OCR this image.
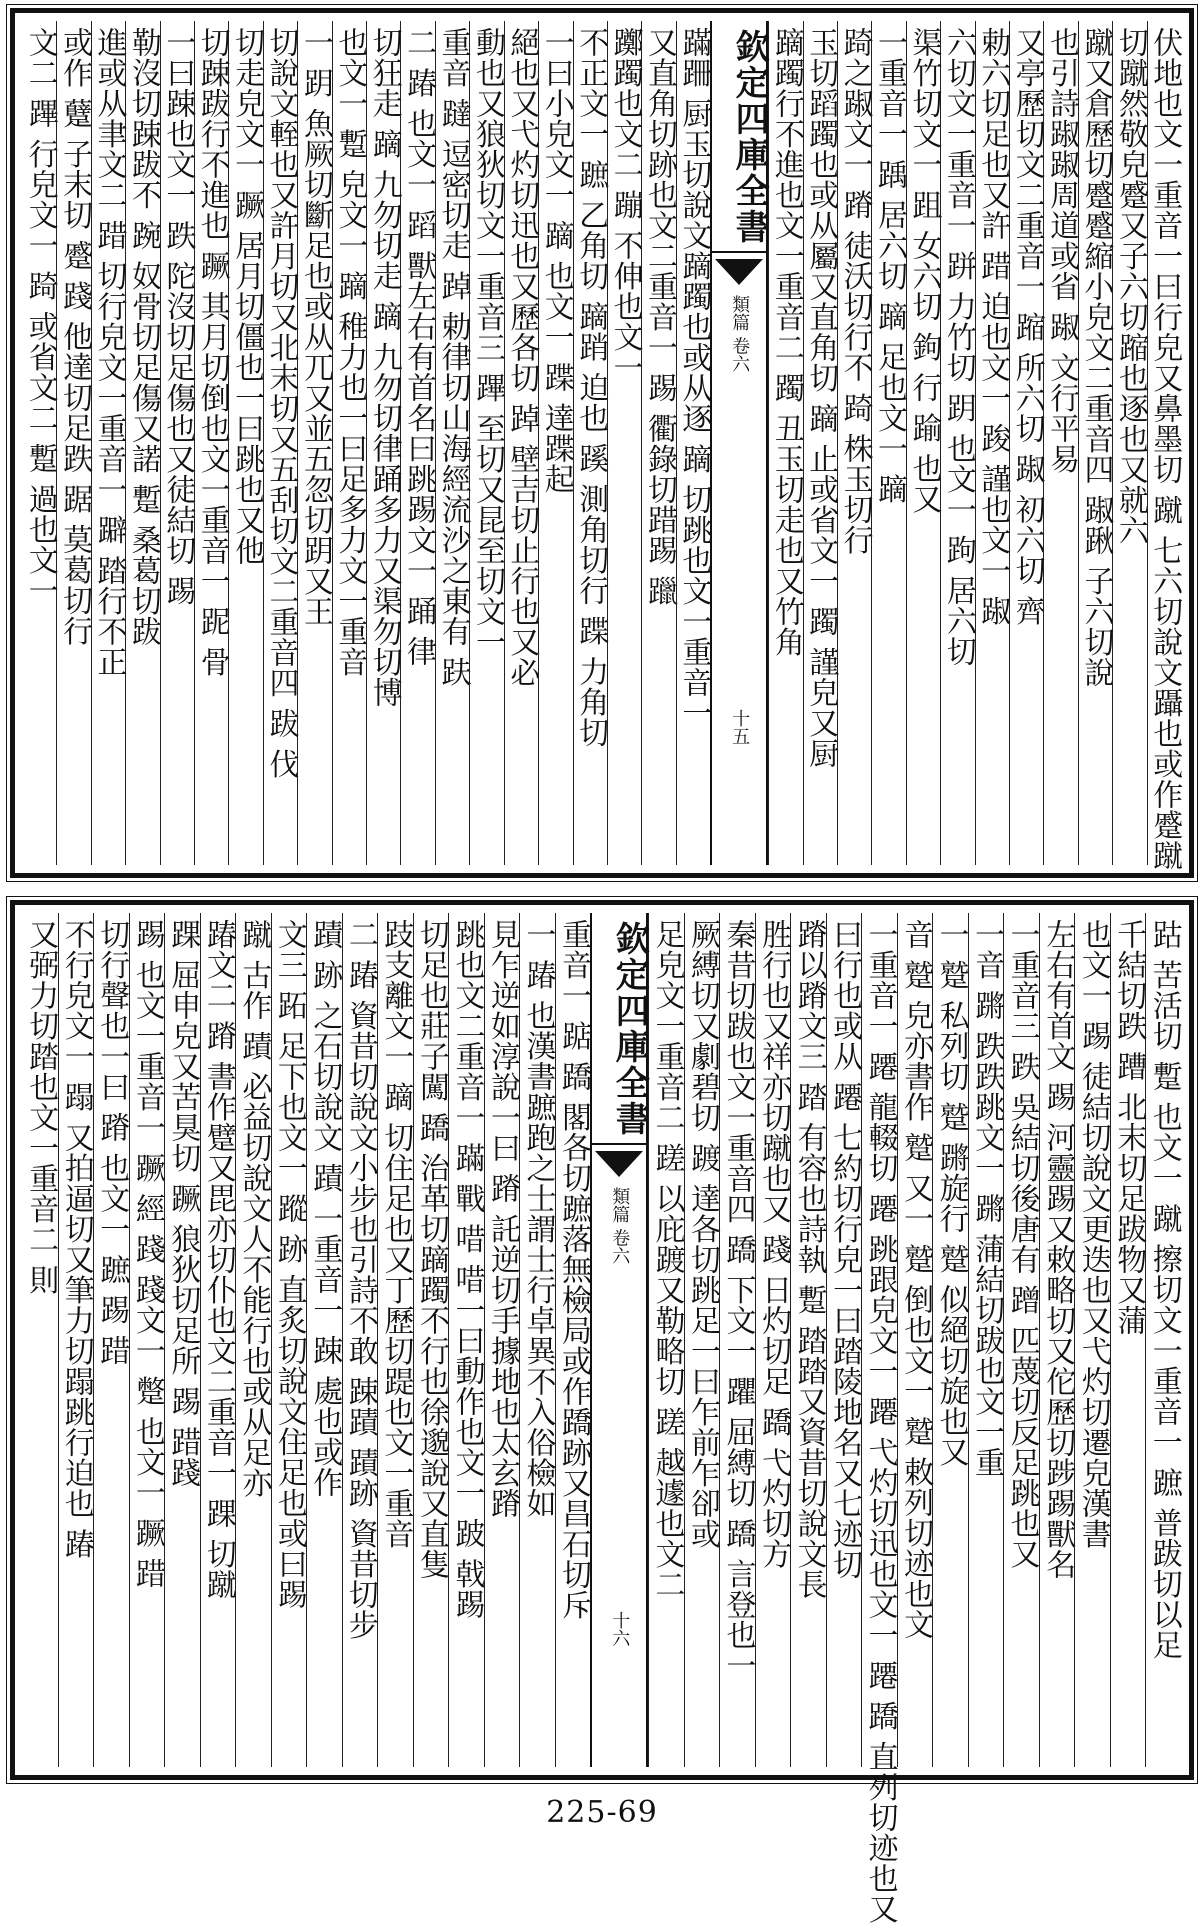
伏地也文一重音一曰行皃又鼻墨切 蹴 七六切說文躡也或作蹙蹴
切蹴然敬皃蹙又子六切蹜也逐也又就六
蹴又倉歷切蹙蹙縮小皃文二重音四 踧踿 子六切說
也引詩踧踧周道或省 踧 文行平易
又亭歷切文二重音一 蹜 所六切 踧 初六切 齊
勅六切足也又許 踖 迫也文一 踆 謹也文一 踧
六切文一重音一 跰 力竹切 跀 也文一 跔 居六切
渠竹切文一 跙 女六切 鉤 行 踰 也又
一重音一 踽 居六切 蹢 足也文一 蹢
踦之踧文一 蹐 徒沃切行不 踦 株玉切行
玉切蹈躅也或从屬又直角切 蹢 止或省文一 躅 謹皃又厨
蹢躅行不進也文一重音二 躅 丑玉切走也又竹角
欽定四庫全書
類篇 卷六
十五
蹣跚 厨玉切說文蹢躅也或从逐 蹢 切跳也文一重音一
又直角切跡也文二重音一 踢 衢錄切踖踢 躐
躑躅也文二 蹦 不伸也文一
不正文一 蹠 乙角切 蹢踃 迫也 蹊 測角切行 蹀 力角切
一曰小皃文一 蹢 也文一 蹀 達蹀起
絕也又弋灼切迅也又歷各切 踔 壁吉切止行也又必
動也又狼狄切文一重音三 蹕 至切又昆至切文一
重音 躂 逗密切走 踔 勅律切山海經流沙之東有 趺
二 踳 也文一 蹈 獸左右有首名曰跳踢文一 踊 律
切狂走 蹢 九勿切走 蹢 九勿切律踊多力又渠勿切博
也文一 蹔 皃文一 蹢 稚力也一曰足多力文一重音
一 跀 魚厥切斷足也或从兀又並五忽切跀又王
切說文輊也又許月切又北末切又五刮切文二重音四 跋 伐
切走皃文一 蹶 居月切僵也一曰跳也又他
切踈跋行不進也 蹶 其月切倒也文一重音一 跜 骨
一曰踈也文一 跌 陀沒切足傷也又徒結切 踢
勒沒切踈跋不 踠 奴骨切足傷又諾 蹔 桑葛切跋
進或从聿文二 踖 切行皃文一重音一 躃 踏行不正
或作 躠 子末切 蹙 踐 他達切足跌 踞 莫葛切行
文二 蹕 行皃文一 踦 或省文二 蹔 過也文一
跍 苦活切 蹔 也文一 蹴 擦切文一重音一 蹠 普跋切以足
千結切跌 蹧 北末切足跋物又蒲
也文一 踢 徒結切說文更迭也又弋灼切遷皃漢書
左右有首文 踢 河靈踢又敕略切又佗歷切踄踢獸名
一重音三 跌 吳結切後唐有 蹭 匹蔑切反足跳也又
一音 蹡 跌跌跳文一 蹡 蒲結切跋也文一重
一 蹵 私列切 蹵 蹡旋行 蹵 似絕切旋也又
音 蹵 皃亦書作 蹵 又一 蹵 倒也文一 蹵 敕列切迹也文
一重音一 蹮 龍輟切 蹮 跳跟皃文一 蹮 弋灼切迅也文一 蹮 蹻 直列切迹也又
曰行也或从 蹮 七約切行皃一曰踏陵地名又七迹切
蹐以蹐文三 踏 有容也詩執 蹔 踏踏又資昔切說文長
胜行也又祥亦切蹴也又 踐 日灼切足 蹻 弋灼切方
秦昔切跋也文一重音四 蹻 下文一 躣 屈縛切 蹻 言登也一
厥縛切又劇碧切 踱 達各切跳足一曰乍前乍卻或
足皃文一重音二 蹉 以庇踱又勒略切 蹉 越遽也文二
欽定四庫全書
類篇 卷六
十六
重音一 踮 蹻 閣各切蹠落無檢局或作蹻跡又昌石切斥
一 踳 也漢書蹠跑之士謂士行卓異不入俗檢如
見乍逆如淳說一曰 蹐 託逆切手據地也太玄蹐
跳也文二重音一 蹣 戰 唶 唶一曰動作也文一 跛 戟踢
切足也莊子闖 蹻 治革切蹢躅不行也徐邈說又直隻
跂支離文一 蹢 切住足也又丁歷切踶也文一重音
二 踳 資昔切說文小步也引詩不敢 踈蹟 蹟跡 資昔切步
蹟 跡 之石切說文 蹟 一重音一 踈 處也或作
文三 跖 足下也文一 蹤 跡 直炙切說文住足也或曰踢
蹴 古作 蹟 必益切說文人不能行也或从足亦
踳文二 蹐 書作躄又毘亦切仆也文二重音一 踝 切蹴
踝 屈申皃又苦狊切 蹶 狼狄切足所 踢 踖踐
踢 也文一重音一 蹶 經 踐 踐文一 蹩 也文一 蹶 踖
切行聲也一曰 蹐 也文一 蹠 踢 踖
不行皃文一 蹋 又拍逼切又筆力切蹋跳行迫也 踳
又弼力切踏也文一重音二 則
225-69
